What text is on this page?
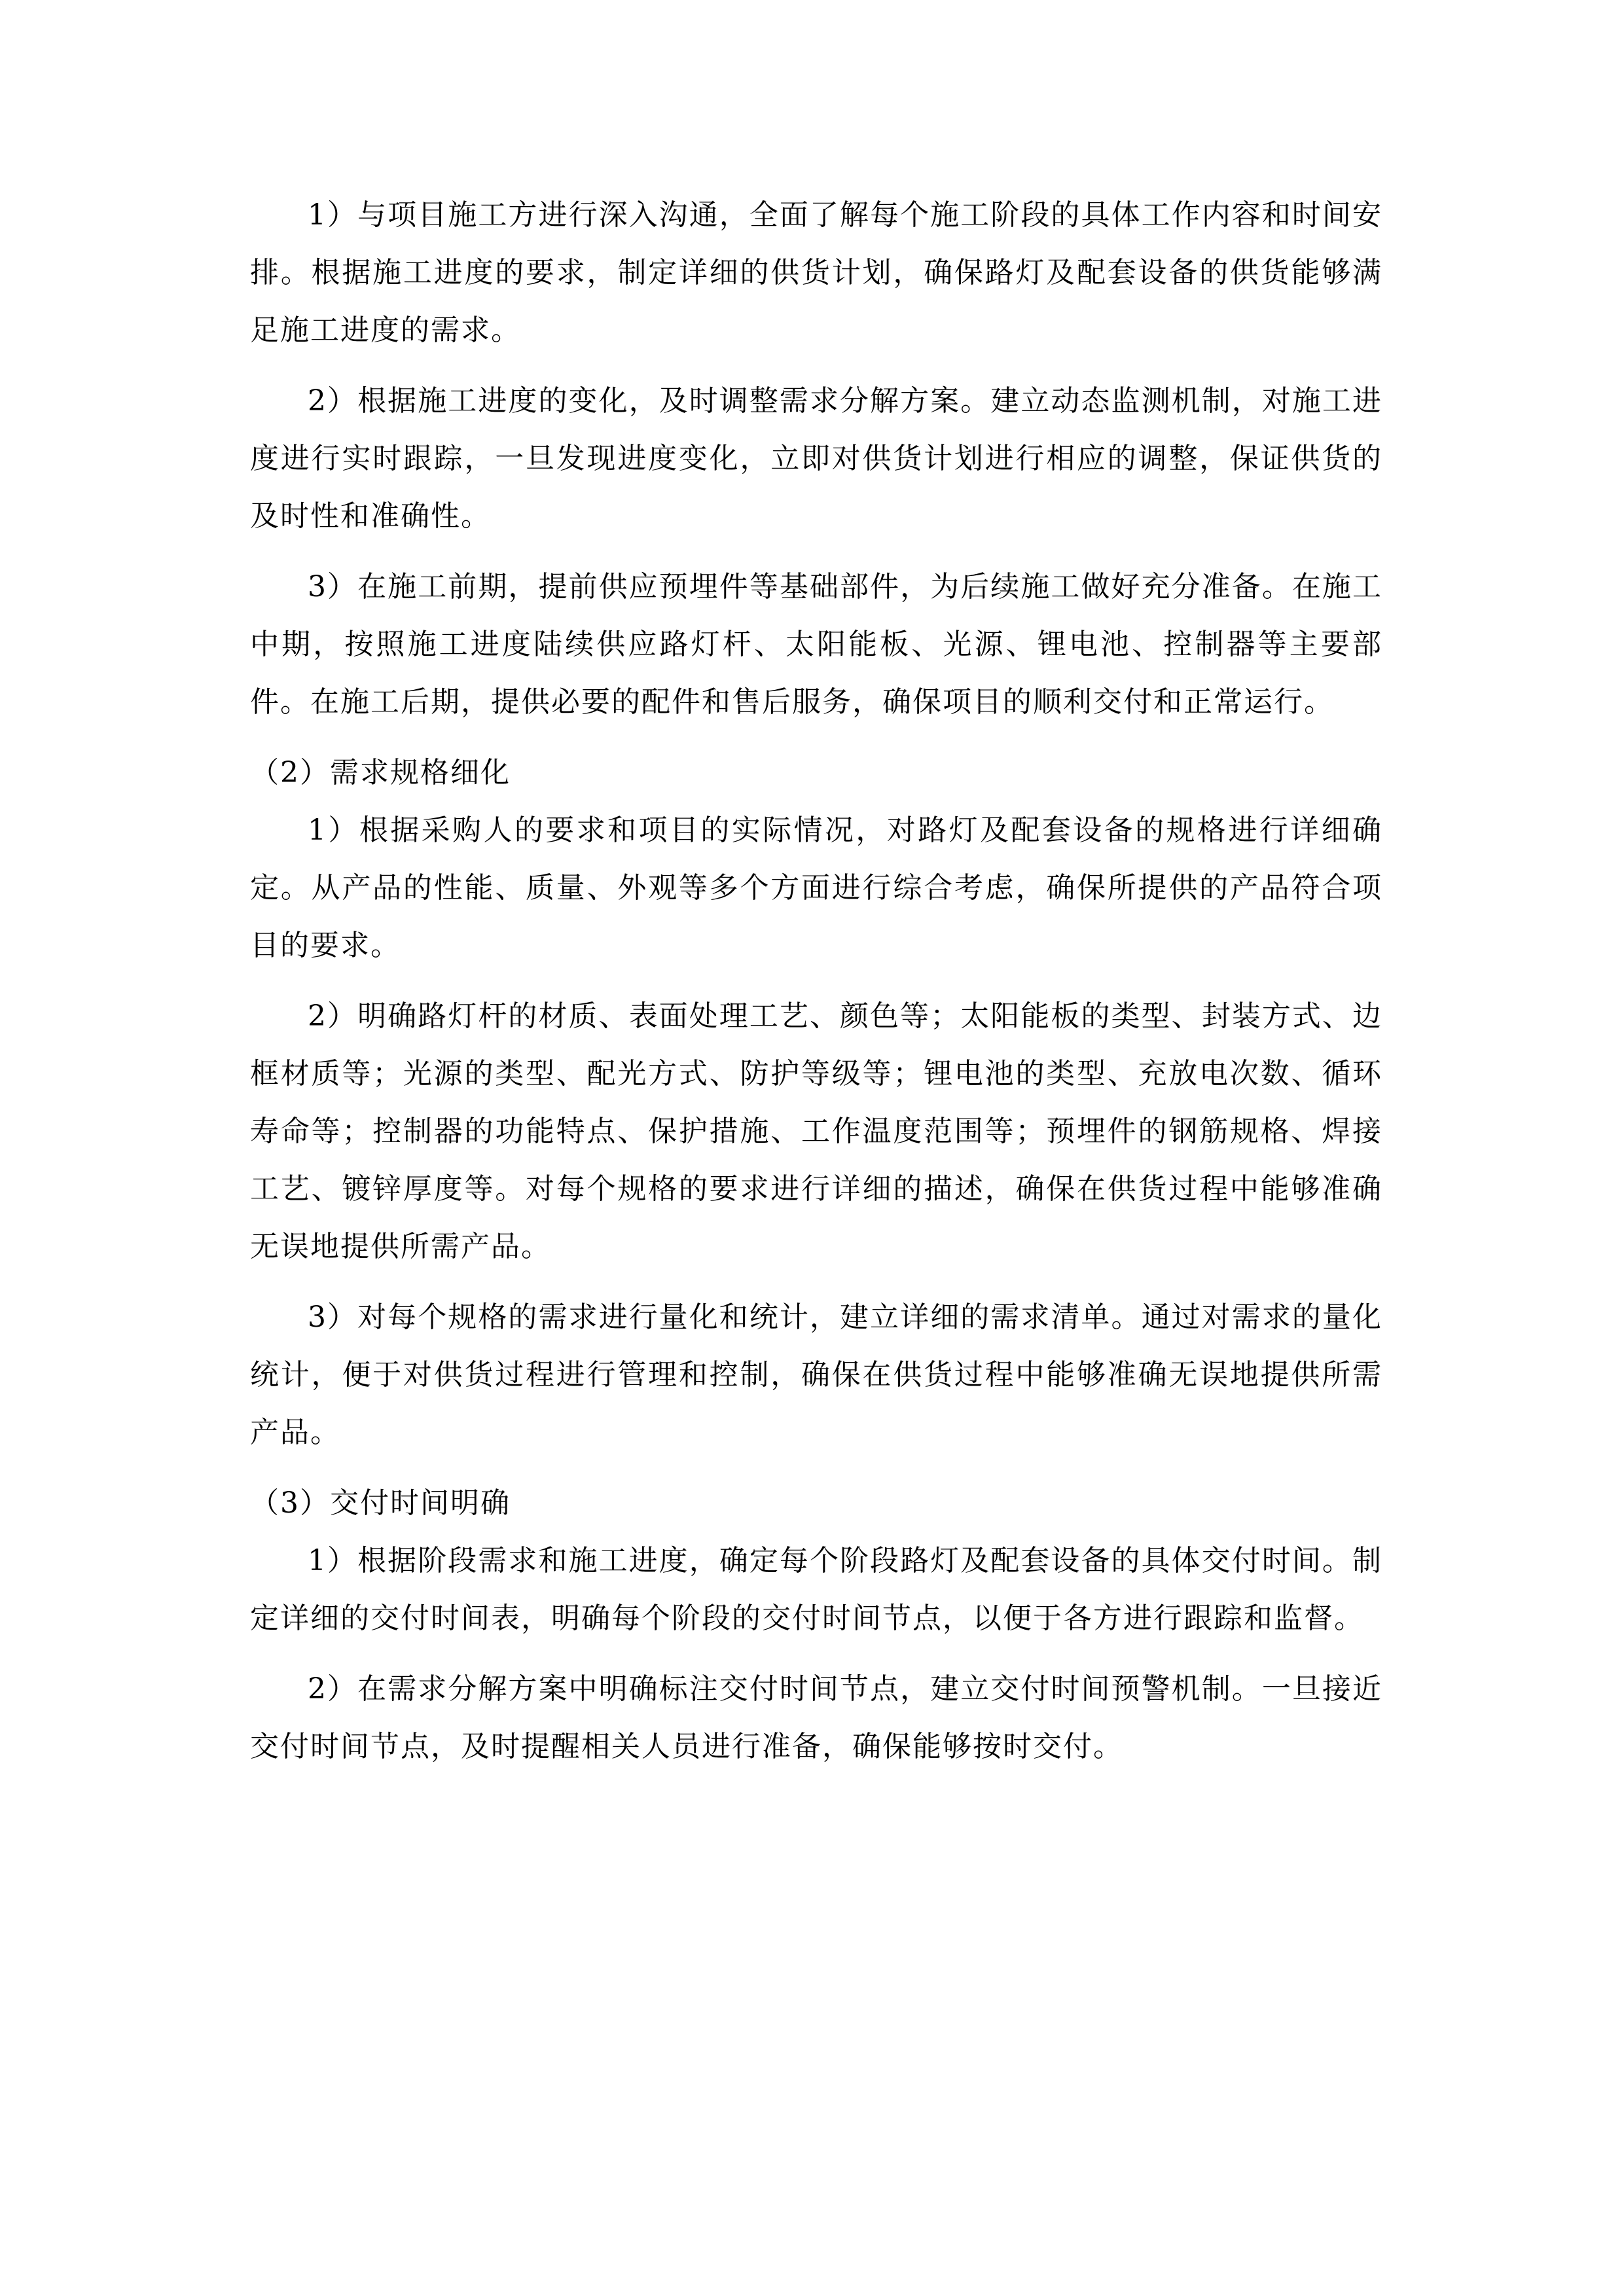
1）与项目施工方进行深入沟通，全面了解每个施工阶段的具体工作内容和时间安排。根据施工进度的要求，制定详细的供货计划，确保路灯及配套设备的供货能够满足施工进度的需求。

2）根据施工进度的变化，及时调整需求分解方案。建立动态监测机制，对施工进度进行实时跟踪，一旦发现进度变化，立即对供货计划进行相应的调整，保证供货的及时性和准确性。

3）在施工前期，提前供应预埋件等基础部件，为后续施工做好充分准备。在施工中期，按照施工进度陆续供应路灯杆、太阳能板、光源、锂电池、控制器等主要部件。在施工后期，提供必要的配件和售后服务，确保项目的顺利交付和正常运行。

（2）需求规格细化

1）根据采购人的要求和项目的实际情况，对路灯及配套设备的规格进行详细确定。从产品的性能、质量、外观等多个方面进行综合考虑，确保所提供的产品符合项目的要求。

2）明确路灯杆的材质、表面处理工艺、颜色等；太阳能板的类型、封装方式、边框材质等；光源的类型、配光方式、防护等级等；锂电池的类型、充放电次数、循环寿命等；控制器的功能特点、保护措施、工作温度范围等；预埋件的钢筋规格、焊接工艺、镀锌厚度等。对每个规格的要求进行详细的描述，确保在供货过程中能够准确无误地提供所需产品。

3）对每个规格的需求进行量化和统计，建立详细的需求清单。通过对需求的量化统计，便于对供货过程进行管理和控制，确保在供货过程中能够准确无误地提供所需产品。

（3）交付时间明确

1）根据阶段需求和施工进度，确定每个阶段路灯及配套设备的具体交付时间。制定详细的交付时间表，明确每个阶段的交付时间节点，以便于各方进行跟踪和监督。

2）在需求分解方案中明确标注交付时间节点，建立交付时间预警机制。一旦接近交付时间节点，及时提醒相关人员进行准备，确保能够按时交付。
